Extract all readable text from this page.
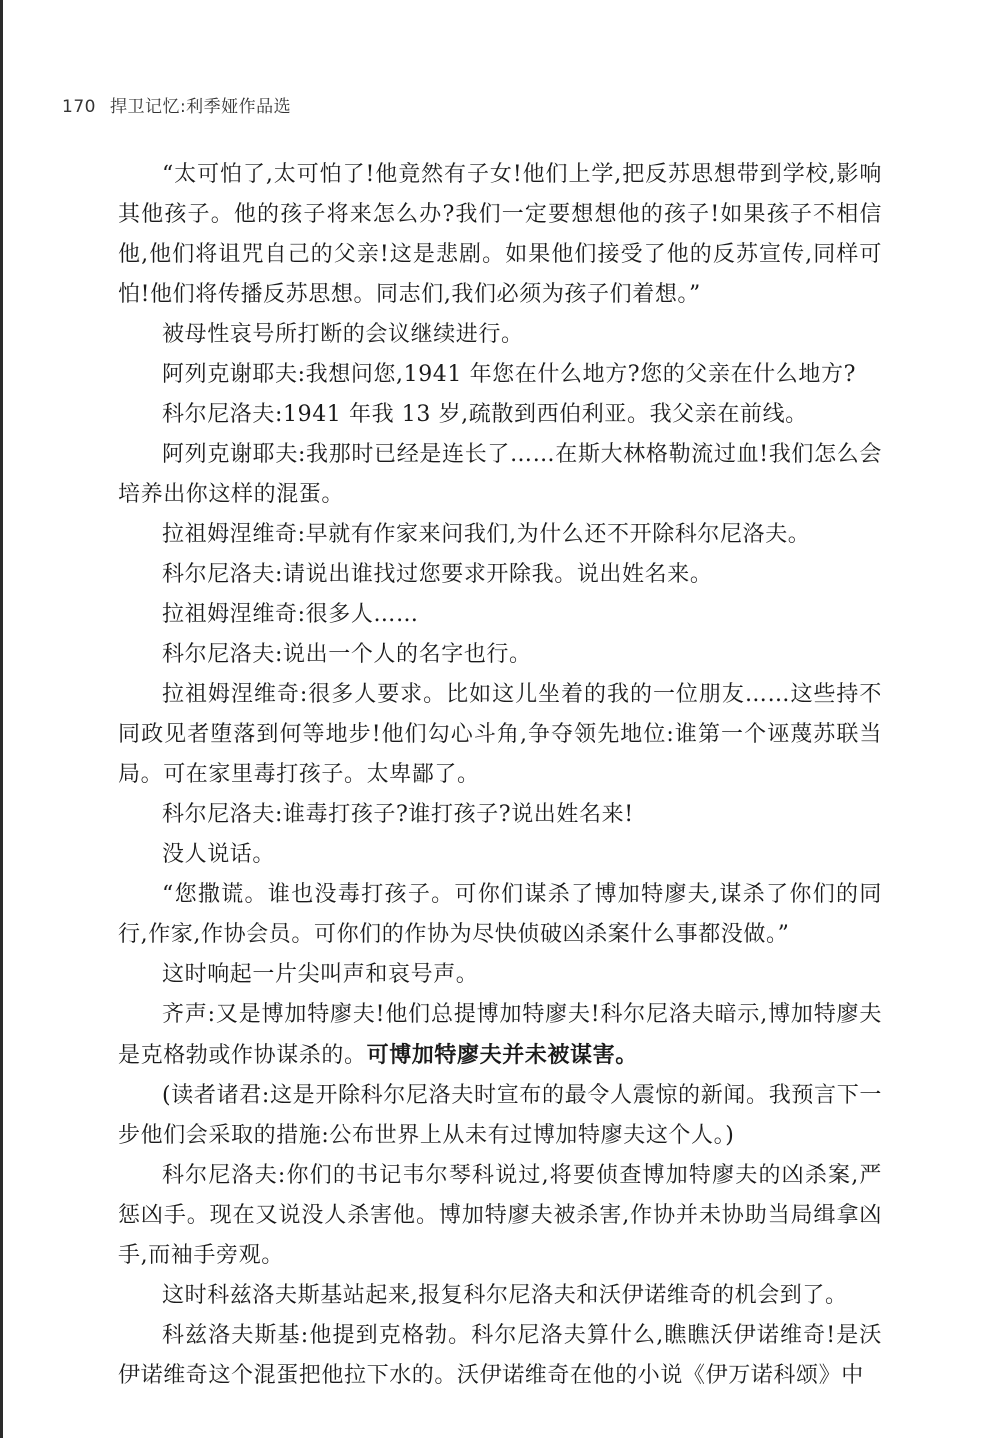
170 捍卫记忆:利季娅作品选

“太可怕了,太可怕了!他竟然有子女!他们上学,把反苏思想带到学校,影响其他孩子。他的孩子将来怎么办?我们一定要想想他的孩子!如果孩子不相信他,他们将诅咒自己的父亲!这是悲剧。如果他们接受了他的反苏宣传,同样可怕!他们将传播反苏思想。同志们,我们必须为孩子们着想。”

被母性哀号所打断的会议继续进行。

阿列克谢耶夫:我想问您,1941 年您在什么地方?您的父亲在什么地方?

科尔尼洛夫:1941 年我 13 岁,疏散到西伯利亚。我父亲在前线。

阿列克谢耶夫:我那时已经是连长了……在斯大林格勒流过血!我们怎么会培养出你这样的混蛋。

拉祖姆涅维奇:早就有作家来问我们,为什么还不开除科尔尼洛夫。

科尔尼洛夫:请说出谁找过您要求开除我。说出姓名来。

拉祖姆涅维奇:很多人……

科尔尼洛夫:说出一个人的名字也行。

拉祖姆涅维奇:很多人要求。比如这儿坐着的我的一位朋友……这些持不同政见者堕落到何等地步!他们勾心斗角,争夺领先地位:谁第一个诬蔑苏联当局。可在家里毒打孩子。太卑鄙了。

科尔尼洛夫:谁毒打孩子?谁打孩子?说出姓名来!

没人说话。

“您撒谎。谁也没毒打孩子。可你们谋杀了博加特廖夫,谋杀了你们的同行,作家,作协会员。可你们的作协为尽快侦破凶杀案什么事都没做。”

这时响起一片尖叫声和哀号声。

齐声:又是博加特廖夫!他们总提博加特廖夫!科尔尼洛夫暗示,博加特廖夫是克格勃或作协谋杀的。可博加特廖夫并未被谋害。

(读者诸君:这是开除科尔尼洛夫时宣布的最令人震惊的新闻。我预言下一步他们会采取的措施:公布世界上从未有过博加特廖夫这个人。)

科尔尼洛夫:你们的书记韦尔琴科说过,将要侦查博加特廖夫的凶杀案,严惩凶手。现在又说没人杀害他。博加特廖夫被杀害,作协并未协助当局缉拿凶手,而袖手旁观。

这时科兹洛夫斯基站起来,报复科尔尼洛夫和沃伊诺维奇的机会到了。

科兹洛夫斯基:他提到克格勃。科尔尼洛夫算什么,瞧瞧沃伊诺维奇!是沃伊诺维奇这个混蛋把他拉下水的。沃伊诺维奇在他的小说《伊万诺科颂》中
